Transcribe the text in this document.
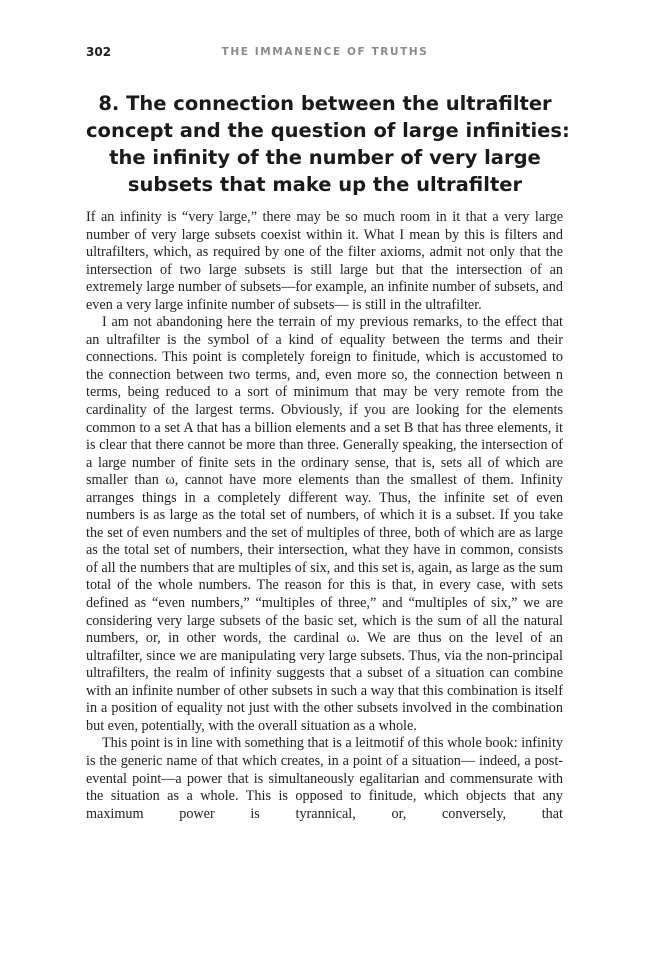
302	THE IMMANENCE OF TRUTHS
8. The connection between the ultrafilter
concept and the question of large infinities:
the infinity of the number of very large
subsets that make up the ultrafilter

If an infinity is “very large,” there may be so much room in it that a very large number of very large subsets coexist within it. What I mean by this is filters and ultrafilters, which, as required by one of the filter axioms, admit not only that the intersection of two large subsets is still large but that the intersection of an extremely large number of subsets—for example, an infinite number of subsets, and even a very large infinite number of subsets— is still in the ultrafilter.

I am not abandoning here the terrain of my previous remarks, to the effect that an ultrafilter is the symbol of a kind of equality between the terms and their connections. This point is completely foreign to finitude, which is accustomed to the connection between two terms, and, even more so, the connection between n terms, being reduced to a sort of minimum that may be very remote from the cardinality of the largest terms. Obviously, if you are looking for the elements common to a set A that has a billion elements and a set B that has three elements, it is clear that there cannot be more than three. Generally speaking, the intersection of a large number of finite sets in the ordinary sense, that is, sets all of which are smaller than ω, cannot have more elements than the smallest of them. Infinity arranges things in a completely different way. Thus, the infinite set of even numbers is as large as the total set of numbers, of which it is a subset. If you take the set of even numbers and the set of multiples of three, both of which are as large as the total set of numbers, their intersection, what they have in common, consists of all the numbers that are multiples of six, and this set is, again, as large as the sum total of the whole numbers. The reason for this is that, in every case, with sets defined as “even numbers,” “multiples of three,” and “multiples of six,” we are considering very large subsets of the basic set, which is the sum of all the natural numbers, or, in other words, the cardinal ω. We are thus on the level of an ultrafilter, since we are manipulating very large subsets. Thus, via the non-principal ultrafilters, the realm of infinity suggests that a subset of a situation can combine with an infinite number of other subsets in such a way that this combination is itself in a position of equality not just with the other subsets involved in the combination but even, potentially, with the overall situation as a whole.

This point is in line with something that is a leitmotif of this whole book: infinity is the generic name of that which creates, in a point of a situation— indeed, a post-evental point—a power that is simultaneously egalitarian and commensurate with the situation as a whole. This is opposed to finitude, which objects that any maximum power is tyrannical, or, conversely, that
